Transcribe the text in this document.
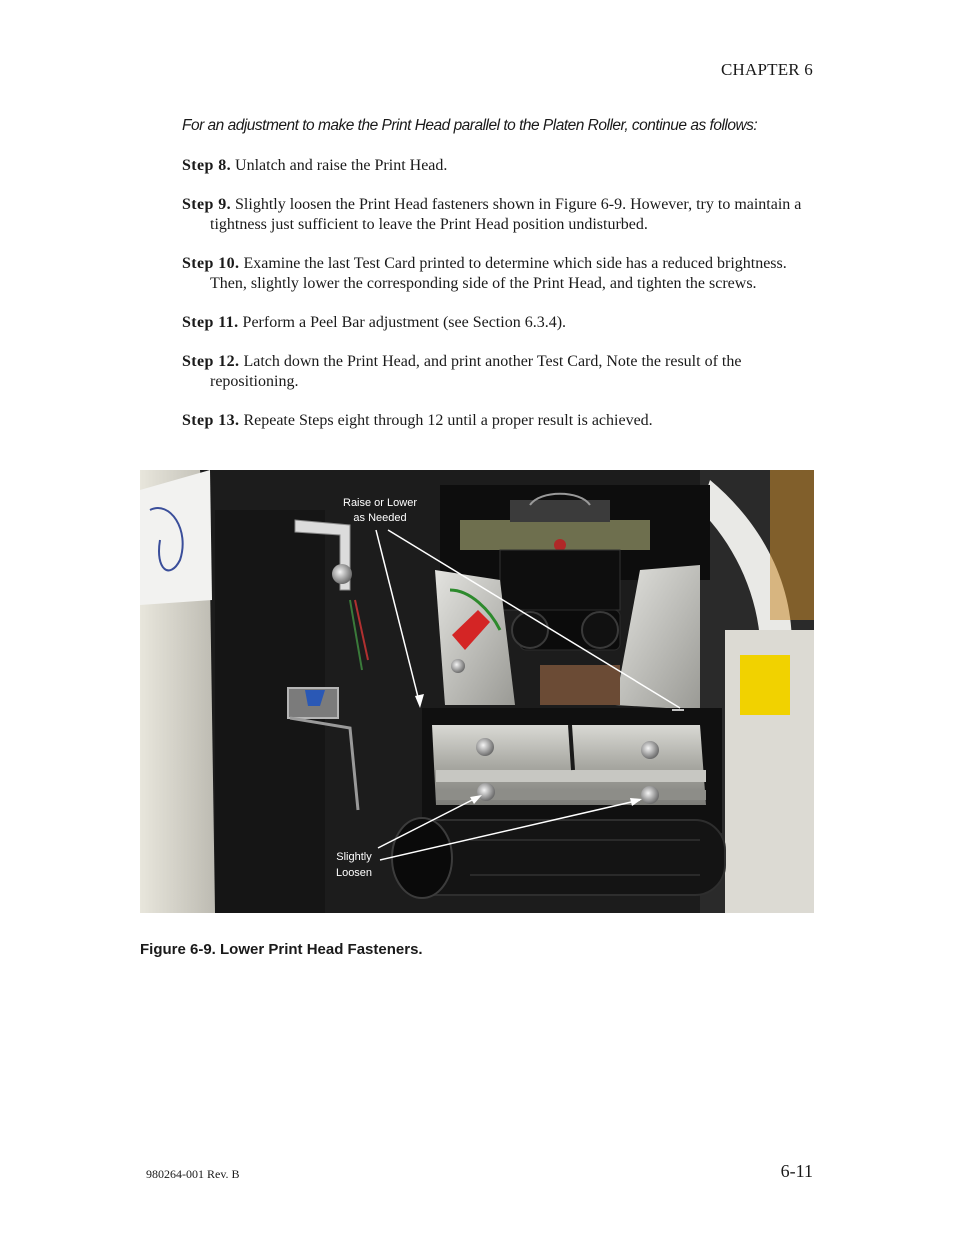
CHAPTER 6
For an adjustment to make the Print Head parallel to the Platen Roller, continue as follows:

Step 8. Unlatch and raise the Print Head.

Step 9. Slightly loosen the Print Head fasteners shown in Figure 6-9. However, try to maintain a tightness just sufficient to leave the Print Head position undisturbed.

Step 10. Examine the last Test Card printed to determine which side has a reduced brightness. Then, slightly lower the corresponding side of the Print Head, and tighten the screws.

Step 11. Perform a Peel Bar adjustment (see Section 6.3.4).

Step 12. Latch down the Print Head, and print another Test Card, Note the result of the repositioning.

Step 13. Repeate Steps eight through 12 until a proper result is achieved.

Raise or Lower
as Needed
Slightly
Loosen
Figure 6-9. Lower Print Head Fasteners.
980264-001 Rev. B	6-11
